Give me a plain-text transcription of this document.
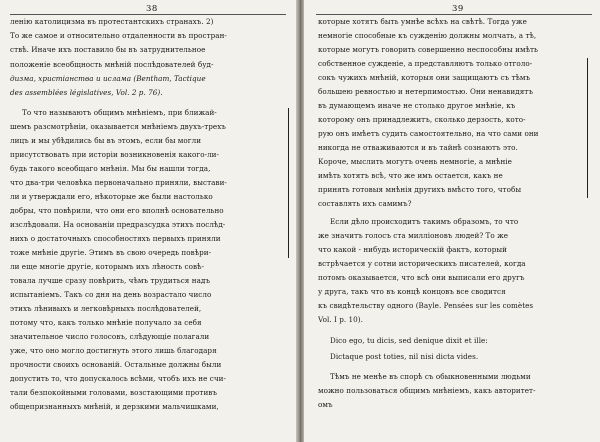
38
ленію католицизма въ протестантскихъ странахъ. 2)
То же самое и относительно отдаленности въ простран-
ствѣ. Иначе ихъ поставило бы въ затруднительное
положеніе всеобщность мнѣній послѣдователей буд-
дизма, христіанства и ислама (Bentham, Tactique
des assemblées législatives, Vol. 2 p. 76).
То что называютъ общимъ мнѣніемъ, при ближай-
шемъ разсмотрѣніи, оказывается мнѣніемъ двухъ-трехъ
лицъ и мы убѣдились бы въ этомъ, если бы могли
присутствовать при исторіи возникновенія какого-ли-
будь такого всеобщаго мнѣнія. Мы бы нашли тогда,
что два-три человѣка первоначально приняли, выстави-
ли и утверждали его, нѣкоторые же были настолько
добры, что повѣрили, что они его вполнѣ основательно
изслѣдовали. На основаніи предразсудка этихъ послѣд-
нихъ о достаточныхъ способностяхъ первыхъ приняли
тоже мнѣніе другіе. Этимъ въ свою очередь повѣри-
ли еще многіе другіе, которымъ ихъ лѣность совѣ-
товала лучше сразу повѣрить, чѣмъ трудиться надъ
испытаніемъ. Такъ со дня на день возрастало число
этихъ лѣнивыхъ и легковѣрныхъ послѣдователей,
потому что, какъ только мнѣніе получало за себя
значительное число голосовъ, слѣдующіе полагали
уже, что оно могло достигнуть этого лишь благодаря
прочности своихъ основаній. Остальные должны были
допустить то, что допускалось всѣми, чтобъ ихъ не счи-
тали безпокойными головами, возстающими противъ
общепризнанныхъ мнѣній, и дерзкими мальчишками,
39
которые хотятъ быть умнѣе всѣхъ на свѣтѣ. Тогда уже
немногіе способные къ сужденію должны молчать, а тѣ,
которые могутъ говорить совершенно неспособны имѣть
собственное сужденіе, а представляютъ только отголо-
сокъ чужихъ мнѣній, которыя они защищаютъ съ тѣмъ
большею ревностью и нетерпимостью. Они ненавидятъ
въ думающемъ иначе не столько другое мнѣніе, къ
которому онъ принадлежитъ, сколько дерзость, кото-
рую онъ имѣетъ судить самостоятельно, на что сами они
никогда не отваживаются и въ тайнѣ сознаютъ это.
Короче, мыслить могутъ очень немногіе, а мнѣніе
имѣть хотятъ всѣ, что же имъ остается, какъ не
принять готовыя мнѣнія другихъ вмѣсто того, чтобы
составлять ихъ самимъ?
Если дѣло происходитъ такимъ образомъ, то что
же значитъ голосъ ста милліоновъ людей? То же
что какой - нибудь историческій фактъ, который
встрѣчается у сотни историческихъ писателей, когда
потомъ оказывается, что всѣ они выписали его другъ
у друга, такъ что въ концѣ концовъ все сводится
къ свидѣтельству одного (Bayle. Pensées sur les comètes
Vol. I p. 10).
Dico ego, tu dicis, sed denique dixit et ille:
Dictaque post toties, nil nisi dicta vides.
Тѣмъ не менѣе въ спорѣ съ обыкновенными людьми
можно пользоваться общимъ мнѣніемъ, какъ авторитет-
омъ
